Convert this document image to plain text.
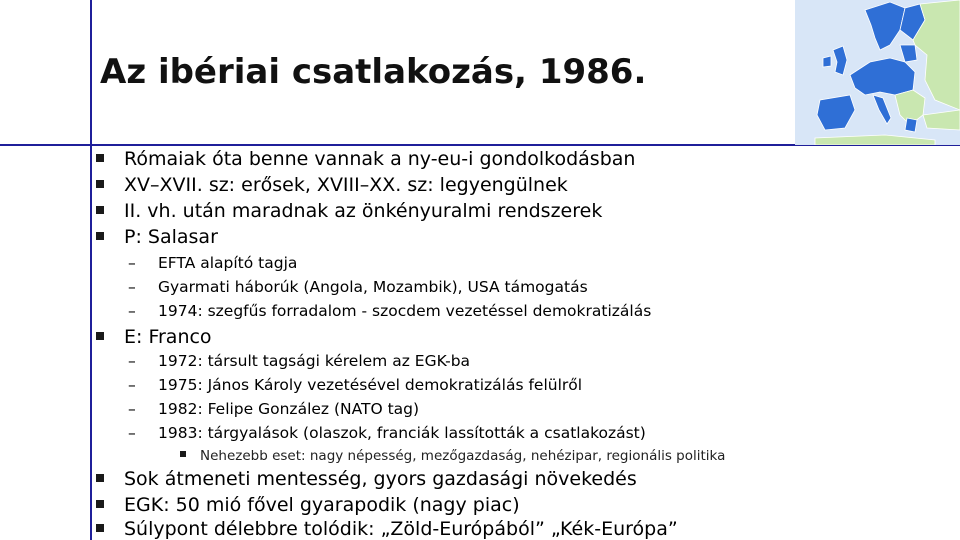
Az ibériai csatlakozás, 1986.
Rómaiak óta benne vannak a ny-eu-i gondolkodásban
XV–XVII. sz: erősek, XVIII–XX. sz: legyengülnek
II. vh. után maradnak az önkényuralmi rendszerek
P: Salasar
– EFTA alapító tagja
– Gyarmati háborúk (Angola, Mozambik), USA támogatás
– 1974: szegfűs forradalom - szocdem vezetéssel demokratizálás
E: Franco
– 1972: társult tagsági kérelem az EGK-ba
– 1975: János Károly vezetésével demokratizálás felülről
– 1982: Felipe González (NATO tag)
– 1983: tárgyalások (olaszok, franciák lassították a csatlakozást)
Nehezebb eset: nagy népesség, mezőgazdaság, nehézipar, regionális politika
Sok átmeneti mentesség, gyors gazdasági növekedés
EGK: 50 mió fővel gyarapodik (nagy piac)
Súlypont délebbre tolódik: „Zöld-Európából” „Kék-Európa”
